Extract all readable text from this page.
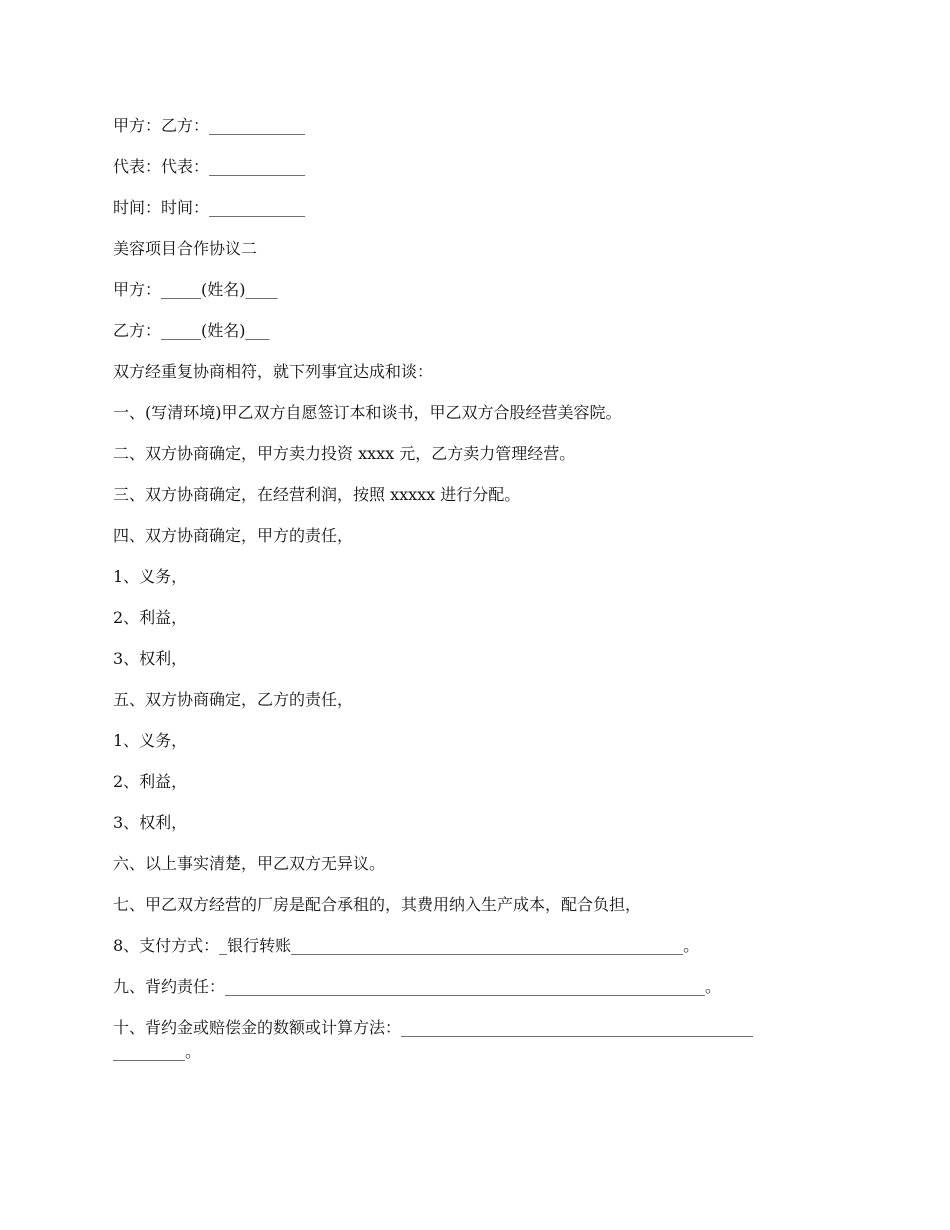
甲方：乙方：____________
代表：代表：____________
时间：时间：____________
美容项目合作协议二
甲方：_____(姓名)____
乙方：_____(姓名)___
双方经重复协商相符，就下列事宜达成和谈：
一、(写清环境)甲乙双方自愿签订本和谈书，甲乙双方合股经营美容院。
二、双方协商确定，甲方卖力投资 xxxx 元，乙方卖力管理经营。
三、双方协商确定，在经营利润，按照 xxxxx 进行分配。
四、双方协商确定，甲方的责任，
1、义务，
2、利益，
3、权利，
五、双方协商确定，乙方的责任，
1、义务，
2、利益，
3、权利，
六、以上事实清楚，甲乙双方无异议。
七、甲乙双方经营的厂房是配合承租的，其费用纳入生产成本，配合负担，
8、支付方式：_银行转账_________________________________________________。
九、背约责任：____________________________________________________________。
十、背约金或赔偿金的数额或计算方法：____________________________________________
_________。
